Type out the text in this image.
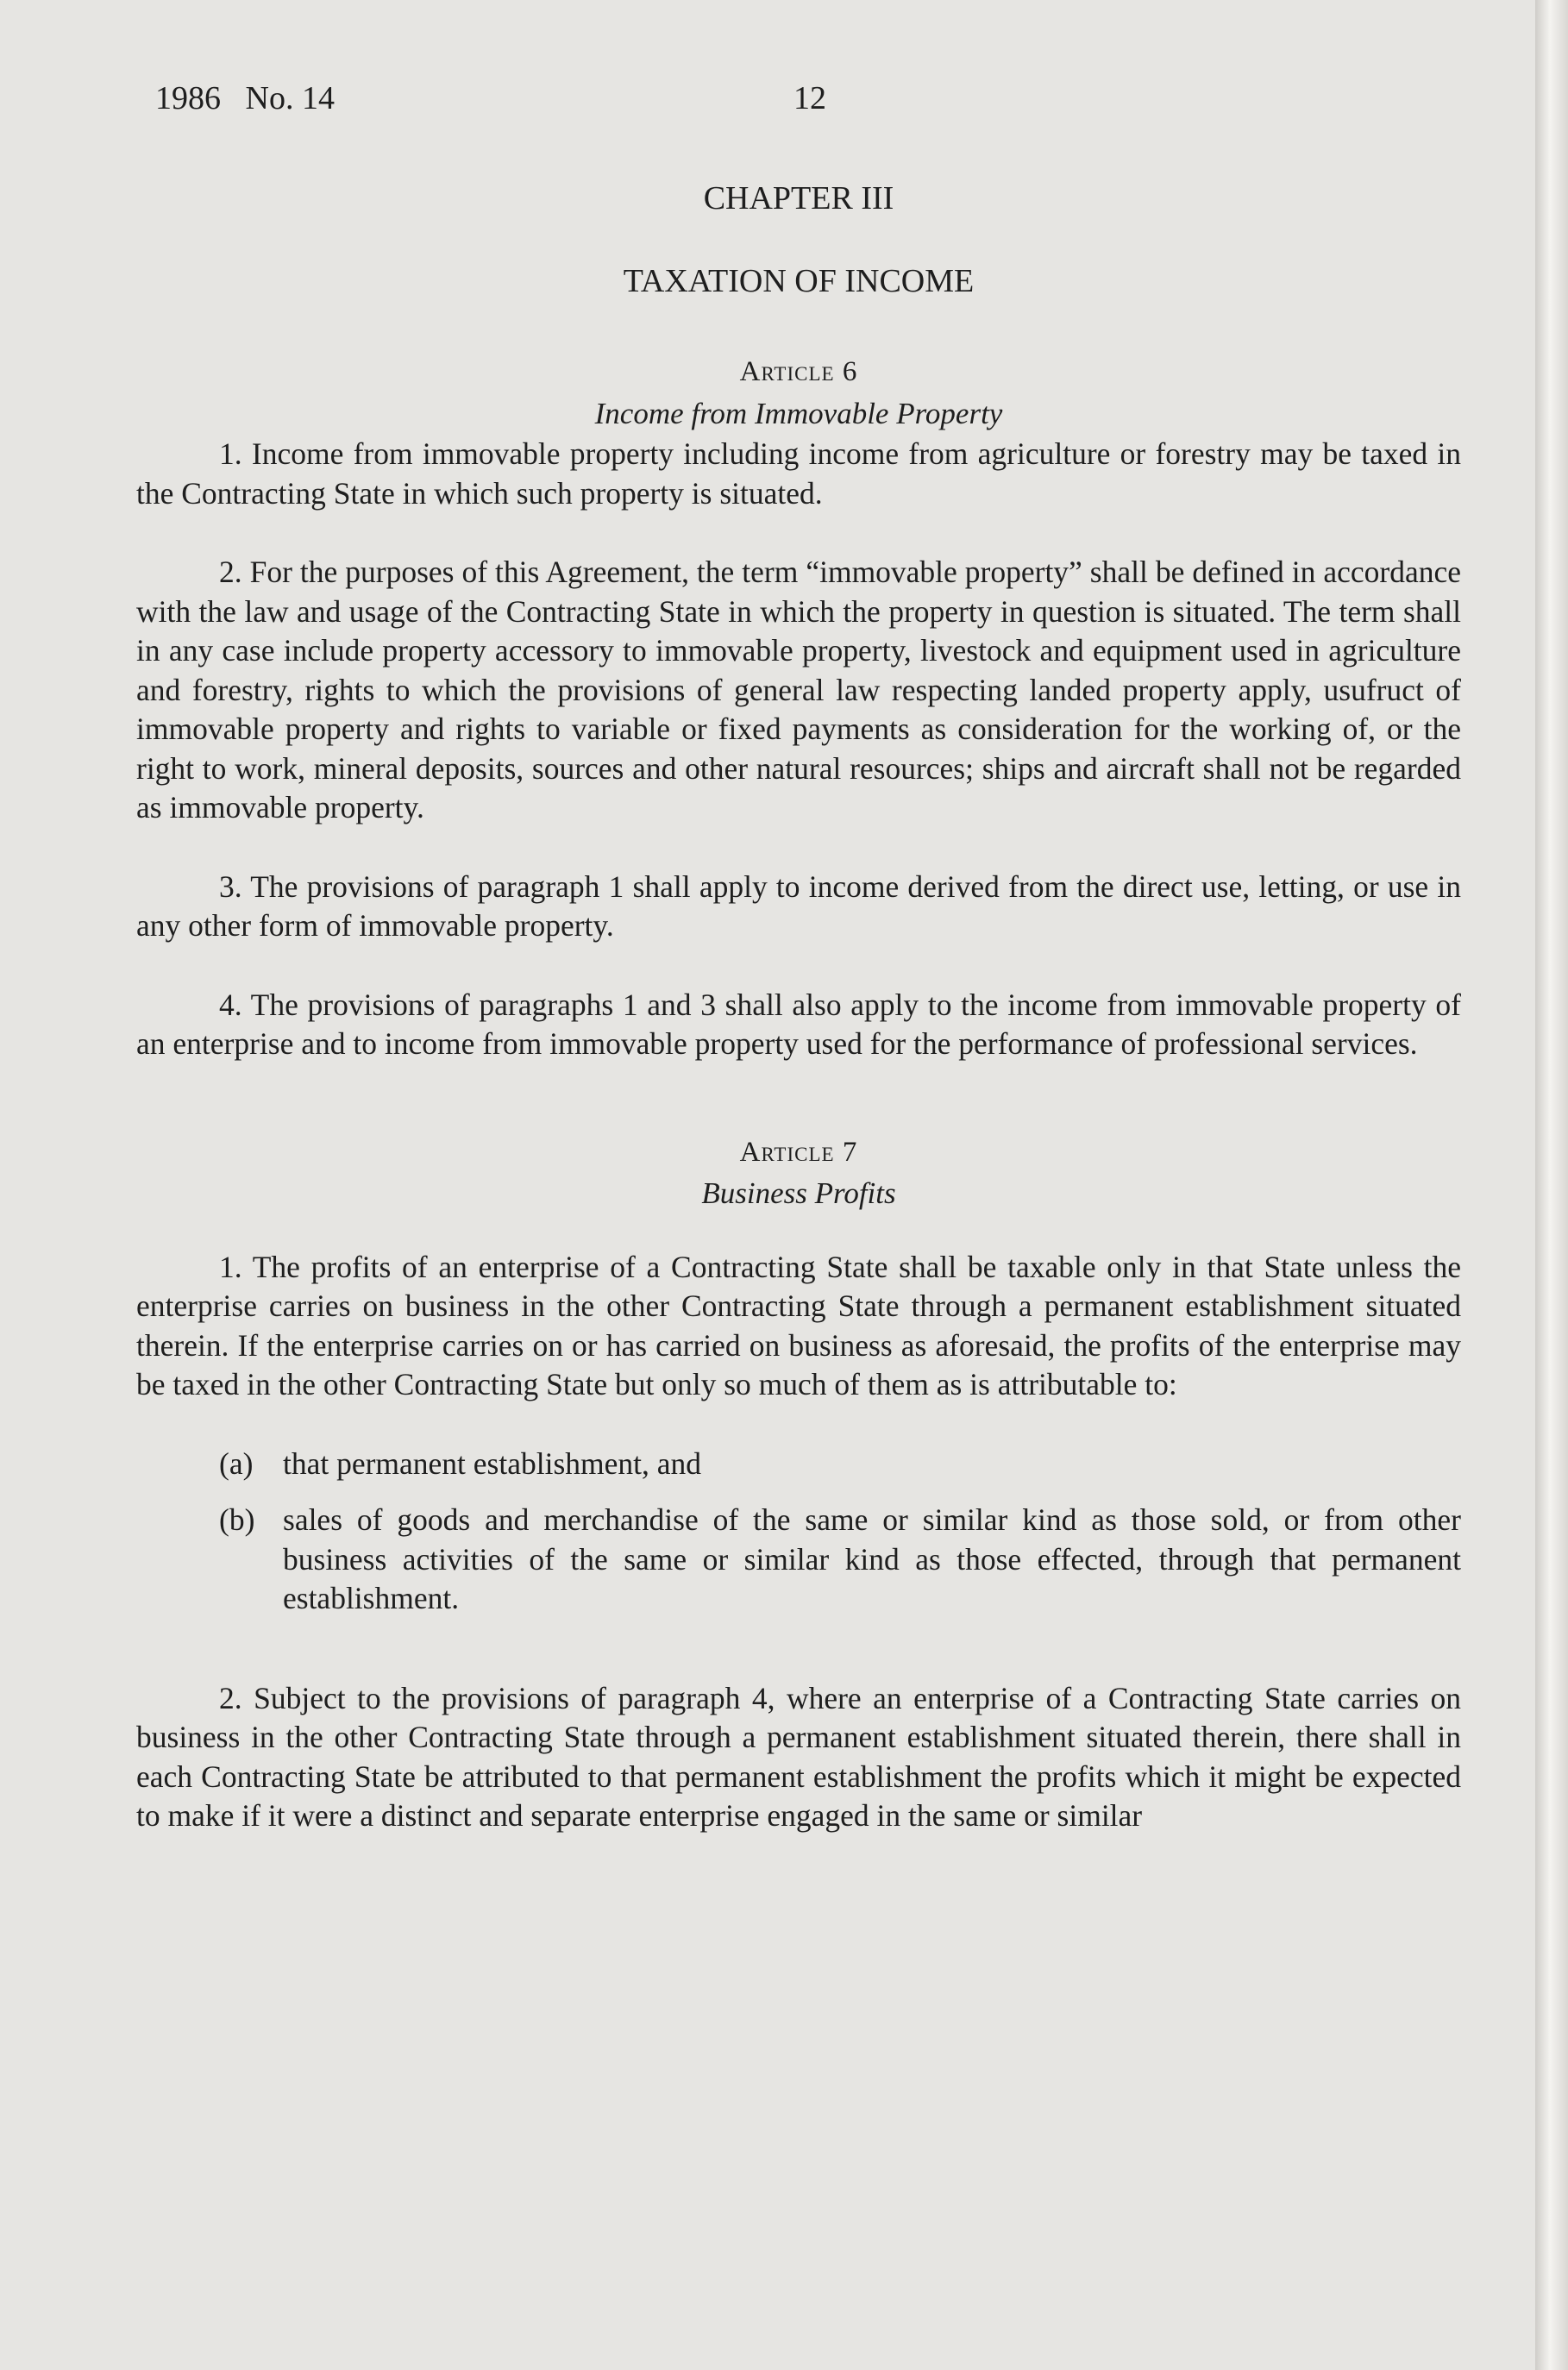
1986   No. 14	12
CHAPTER III
TAXATION OF INCOME
Article 6
Income from Immovable Property

1. Income from immovable property including income from agriculture or forestry may be taxed in the Contracting State in which such property is situated.

2. For the purposes of this Agreement, the term “immovable property” shall be defined in accordance with the law and usage of the Contracting State in which the property in question is situated. The term shall in any case include property accessory to immovable property, livestock and equipment used in agriculture and forestry, rights to which the provisions of general law respecting landed property apply, usufruct of immovable property and rights to variable or fixed payments as consideration for the working of, or the right to work, mineral deposits, sources and other natural resources; ships and aircraft shall not be regarded as immovable property.

3. The provisions of paragraph 1 shall apply to income derived from the direct use, letting, or use in any other form of immovable property.

4. The provisions of paragraphs 1 and 3 shall also apply to the income from immovable property of an enterprise and to income from immovable property used for the performance of professional services.

Article 7
Business Profits

1. The profits of an enterprise of a Contracting State shall be taxable only in that State unless the enterprise carries on business in the other Contracting State through a permanent establishment situated therein. If the enterprise carries on or has carried on business as aforesaid, the profits of the enterprise may be taxed in the other Contracting State but only so much of them as is attributable to:

(a) that permanent establishment, and
(b) sales of goods and merchandise of the same or similar kind as those sold, or from other business activities of the same or similar kind as those effected, through that permanent establishment.

2. Subject to the provisions of paragraph 4, where an enterprise of a Contracting State carries on business in the other Contracting State through a permanent establishment situated therein, there shall in each Contracting State be attributed to that permanent establishment the profits which it might be expected to make if it were a distinct and separate enterprise engaged in the same or similar
